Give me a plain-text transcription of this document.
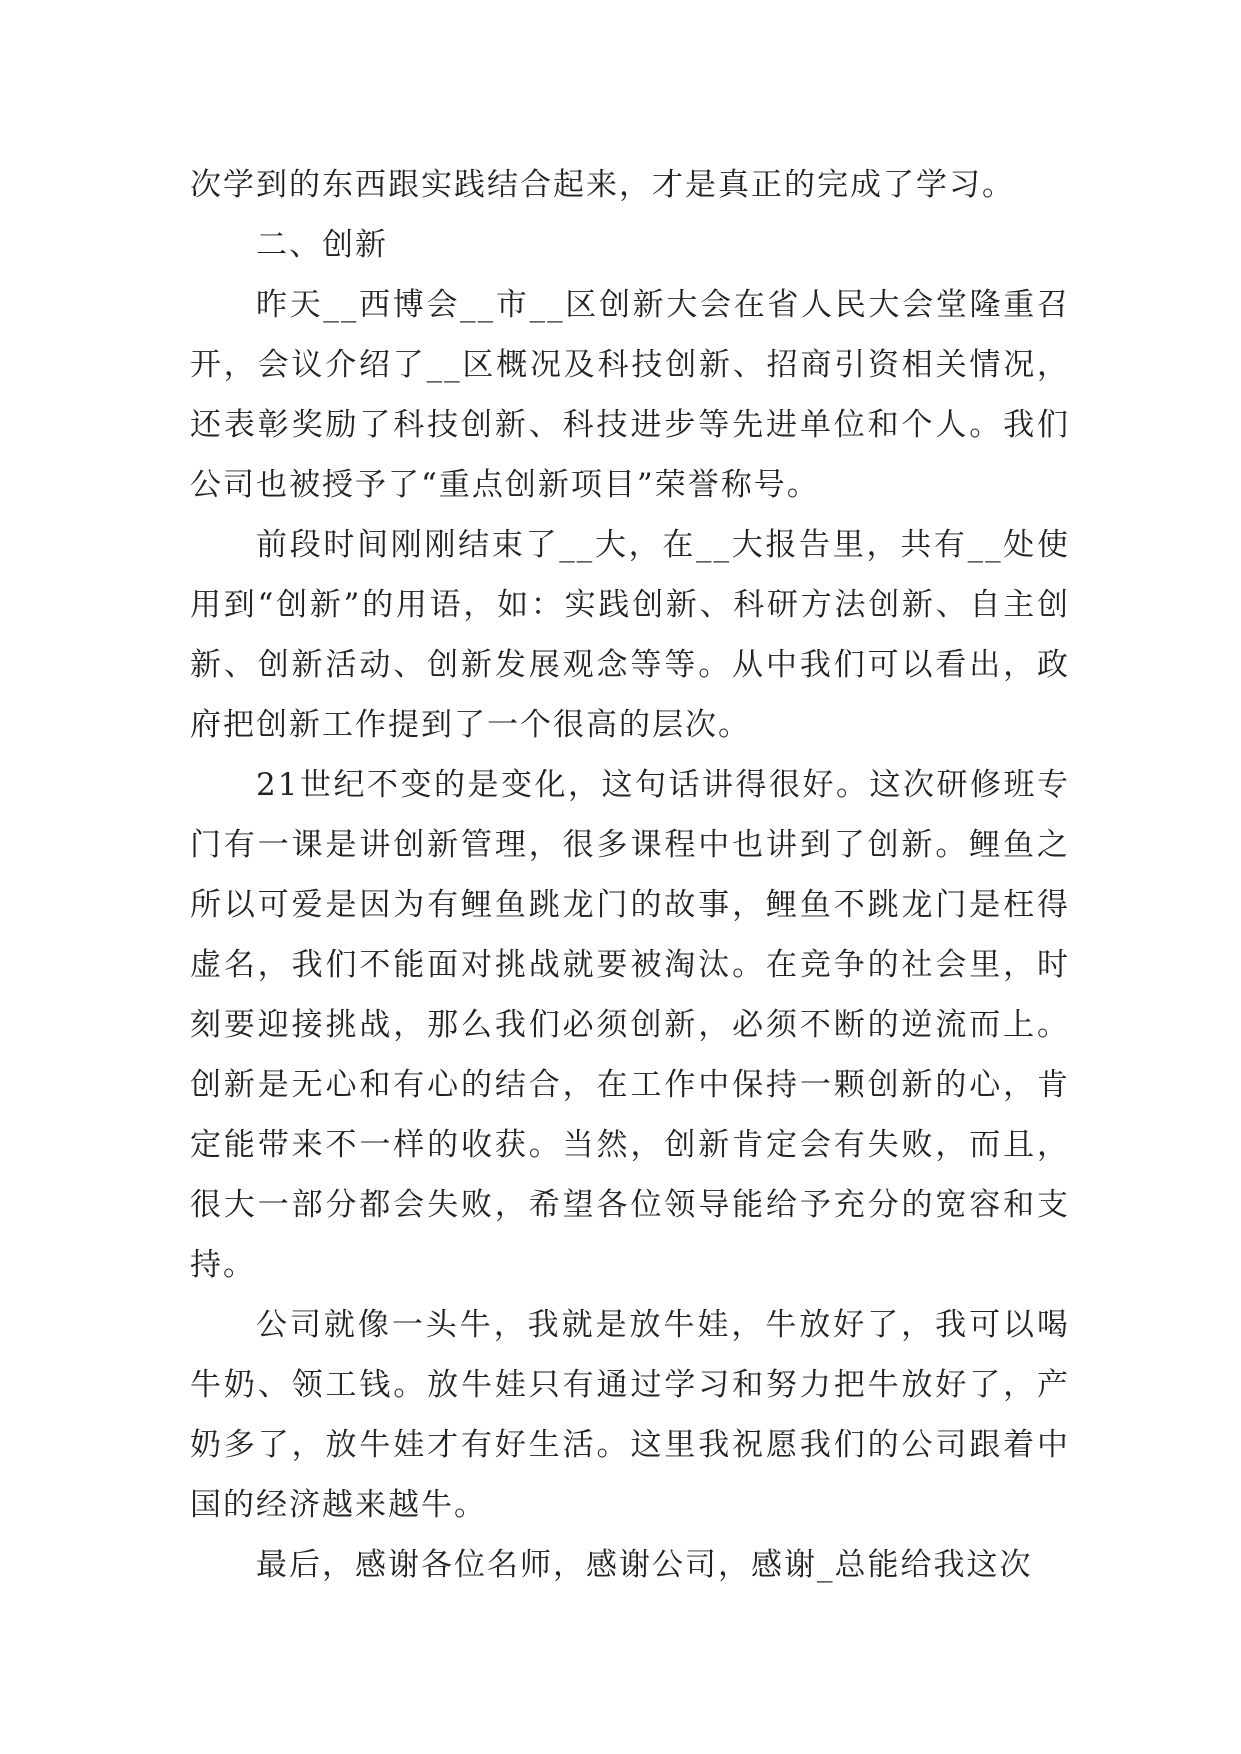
次学到的东西跟实践结合起来，才是真正的完成了学习。

二、创新

昨天__西博会__市__区创新大会在省人民大会堂隆重召开，会议介绍了__区概况及科技创新、招商引资相关情况，还表彰奖励了科技创新、科技进步等先进单位和个人。我们公司也被授予了“重点创新项目”荣誉称号。

前段时间刚刚结束了__大，在__大报告里，共有__处使用到“创新”的用语，如：实践创新、科研方法创新、自主创新、创新活动、创新发展观念等等。从中我们可以看出，政府把创新工作提到了一个很高的层次。

21世纪不变的是变化，这句话讲得很好。这次研修班专门有一课是讲创新管理，很多课程中也讲到了创新。鲤鱼之所以可爱是因为有鲤鱼跳龙门的故事，鲤鱼不跳龙门是枉得虚名，我们不能面对挑战就要被淘汰。在竞争的社会里，时刻要迎接挑战，那么我们必须创新，必须不断的逆流而上。创新是无心和有心的结合，在工作中保持一颗创新的心，肯定能带来不一样的收获。当然，创新肯定会有失败，而且，很大一部分都会失败，希望各位领导能给予充分的宽容和支持。

公司就像一头牛，我就是放牛娃，牛放好了，我可以喝牛奶、领工钱。放牛娃只有通过学习和努力把牛放好了，产奶多了，放牛娃才有好生活。这里我祝愿我们的公司跟着中国的经济越来越牛。

最后，感谢各位名师，感谢公司，感谢_总能给我这次
